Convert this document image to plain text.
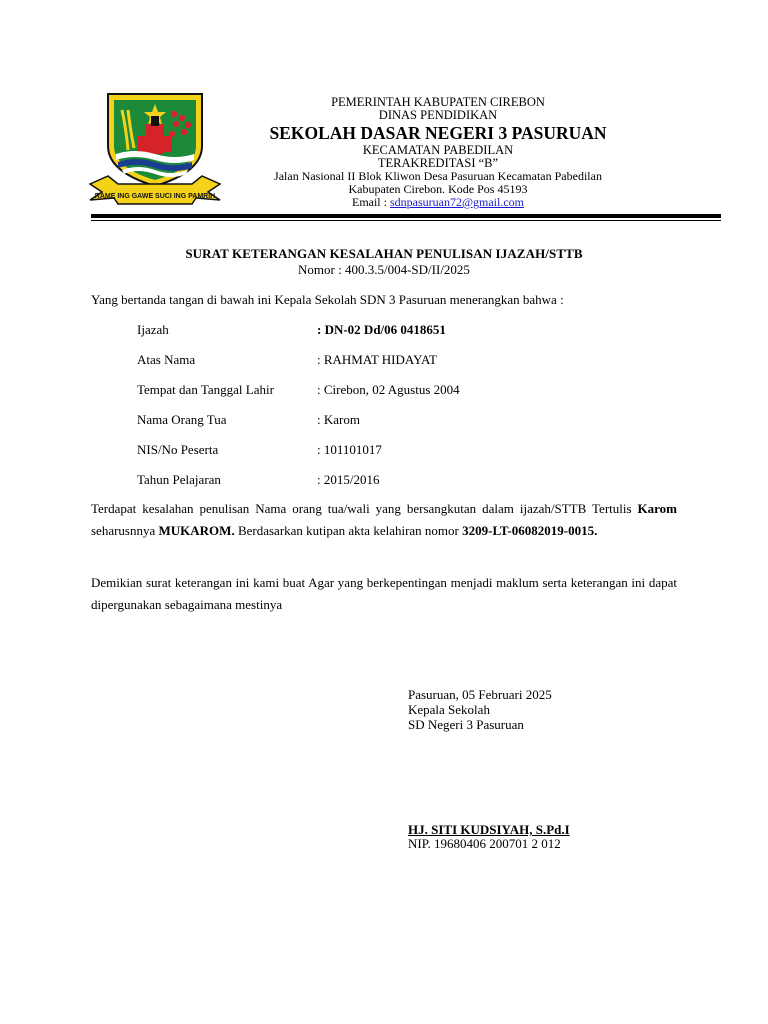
RAME ING GAWE SUCI ING PAMRIH
PEMERINTAH KABUPATEN CIREBON
DINAS PENDIDIKAN
SEKOLAH DASAR NEGERI 3 PASURUAN
KECAMATAN PABEDILAN
TERAKREDITASI “B”
Jalan Nasional II Blok Kliwon Desa Pasuruan Kecamatan Pabedilan
Kabupaten Cirebon. Kode Pos 45193
Email : sdnpasuruan72@gmail.com
SURAT KETERANGAN KESALAHAN PENULISAN IJAZAH/STTB
Nomor : 400.3.5/004-SD/II/2025
Yang bertanda tangan di bawah ini Kepala Sekolah SDN 3 Pasuruan menerangkan bahwa :
Ijazah	: DN-02 Dd/06 0418651
Atas Nama	: RAHMAT HIDAYAT
Tempat dan Tanggal Lahir	: Cirebon, 02 Agustus 2004
Nama Orang Tua	: Karom
NIS/No Peserta	: 101101017
Tahun Pelajaran	: 2015/2016
Terdapat kesalahan penulisan Nama orang tua/wali yang bersangkutan dalam ijazah/STTB Tertulis Karom seharusnnya MUKAROM. Berdasarkan kutipan akta kelahiran nomor 3209-LT-06082019-0015.
Demikian surat keterangan ini kami buat Agar yang berkepentingan menjadi maklum serta keterangan ini dapat dipergunakan sebagaimana mestinya
Pasuruan, 05 Februari 2025
Kepala Sekolah
SD Negeri 3 Pasuruan
HJ. SITI KUDSIYAH, S.Pd.I
NIP. 19680406 200701 2 012
